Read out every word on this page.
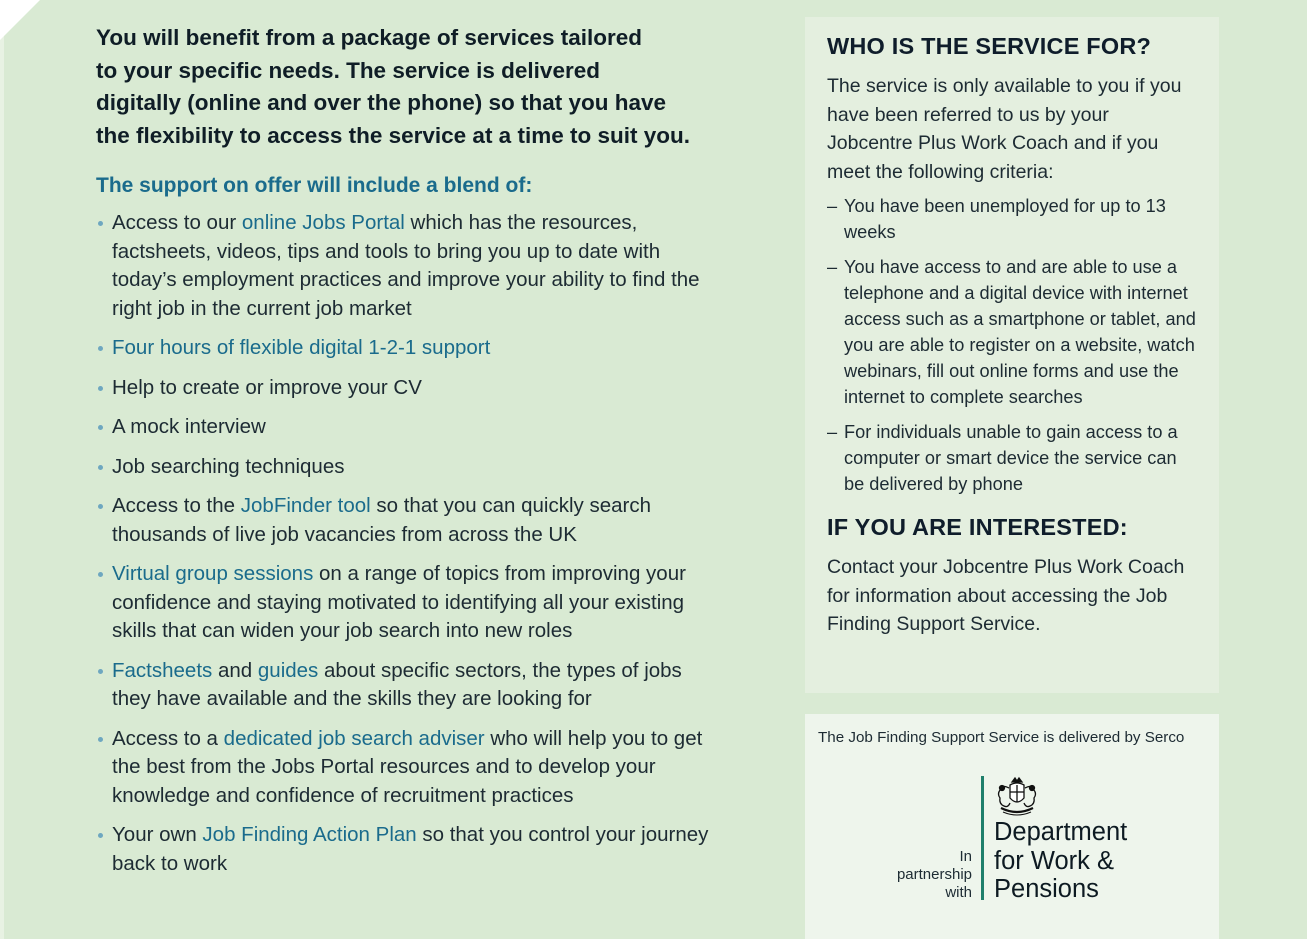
You will benefit from a package of services tailored
to your specific needs. The service is delivered
digitally (online and over the phone) so that you have
the flexibility to access the service at a time to suit you.

The support on offer will include a blend of:
Access to our online Jobs Portal which has the resources, factsheets, videos, tips and tools to bring you up to date with today’s employment practices and improve your ability to find the right job in the current job market
Four hours of flexible digital 1-2-1 support
Help to create or improve your CV
A mock interview
Job searching techniques
Access to the JobFinder tool so that you can quickly search thousands of live job vacancies from across the UK
Virtual group sessions on a range of topics from improving your confidence and staying motivated to identifying all your existing skills that can widen your job search into new roles
Factsheets and guides about specific sectors, the types of jobs they have available and the skills they are looking for
Access to a dedicated job search adviser who will help you to get the best from the Jobs Portal resources and to develop your knowledge and confidence of recruitment practices
Your own Job Finding Action Plan so that you control your journey back to work
WHO IS THE SERVICE FOR?

The service is only available to you if you have been referred to us by your Jobcentre Plus Work Coach and if you meet the following criteria:

– You have been unemployed for up to 13 weeks
– You have access to and are able to use a telephone and a digital device with internet access such as a smartphone or tablet, and you are able to register on a website, watch webinars, fill out online forms and use the internet to complete searches
– For individuals unable to gain access to a computer or smart device the service can be delivered by phone
IF YOU ARE INTERESTED:

Contact your Jobcentre Plus Work Coach for information about accessing the Job Finding Support Service.

The Job Finding Support Service is delivered by Serco
In
partnership
with
Department
for Work &
Pensions
